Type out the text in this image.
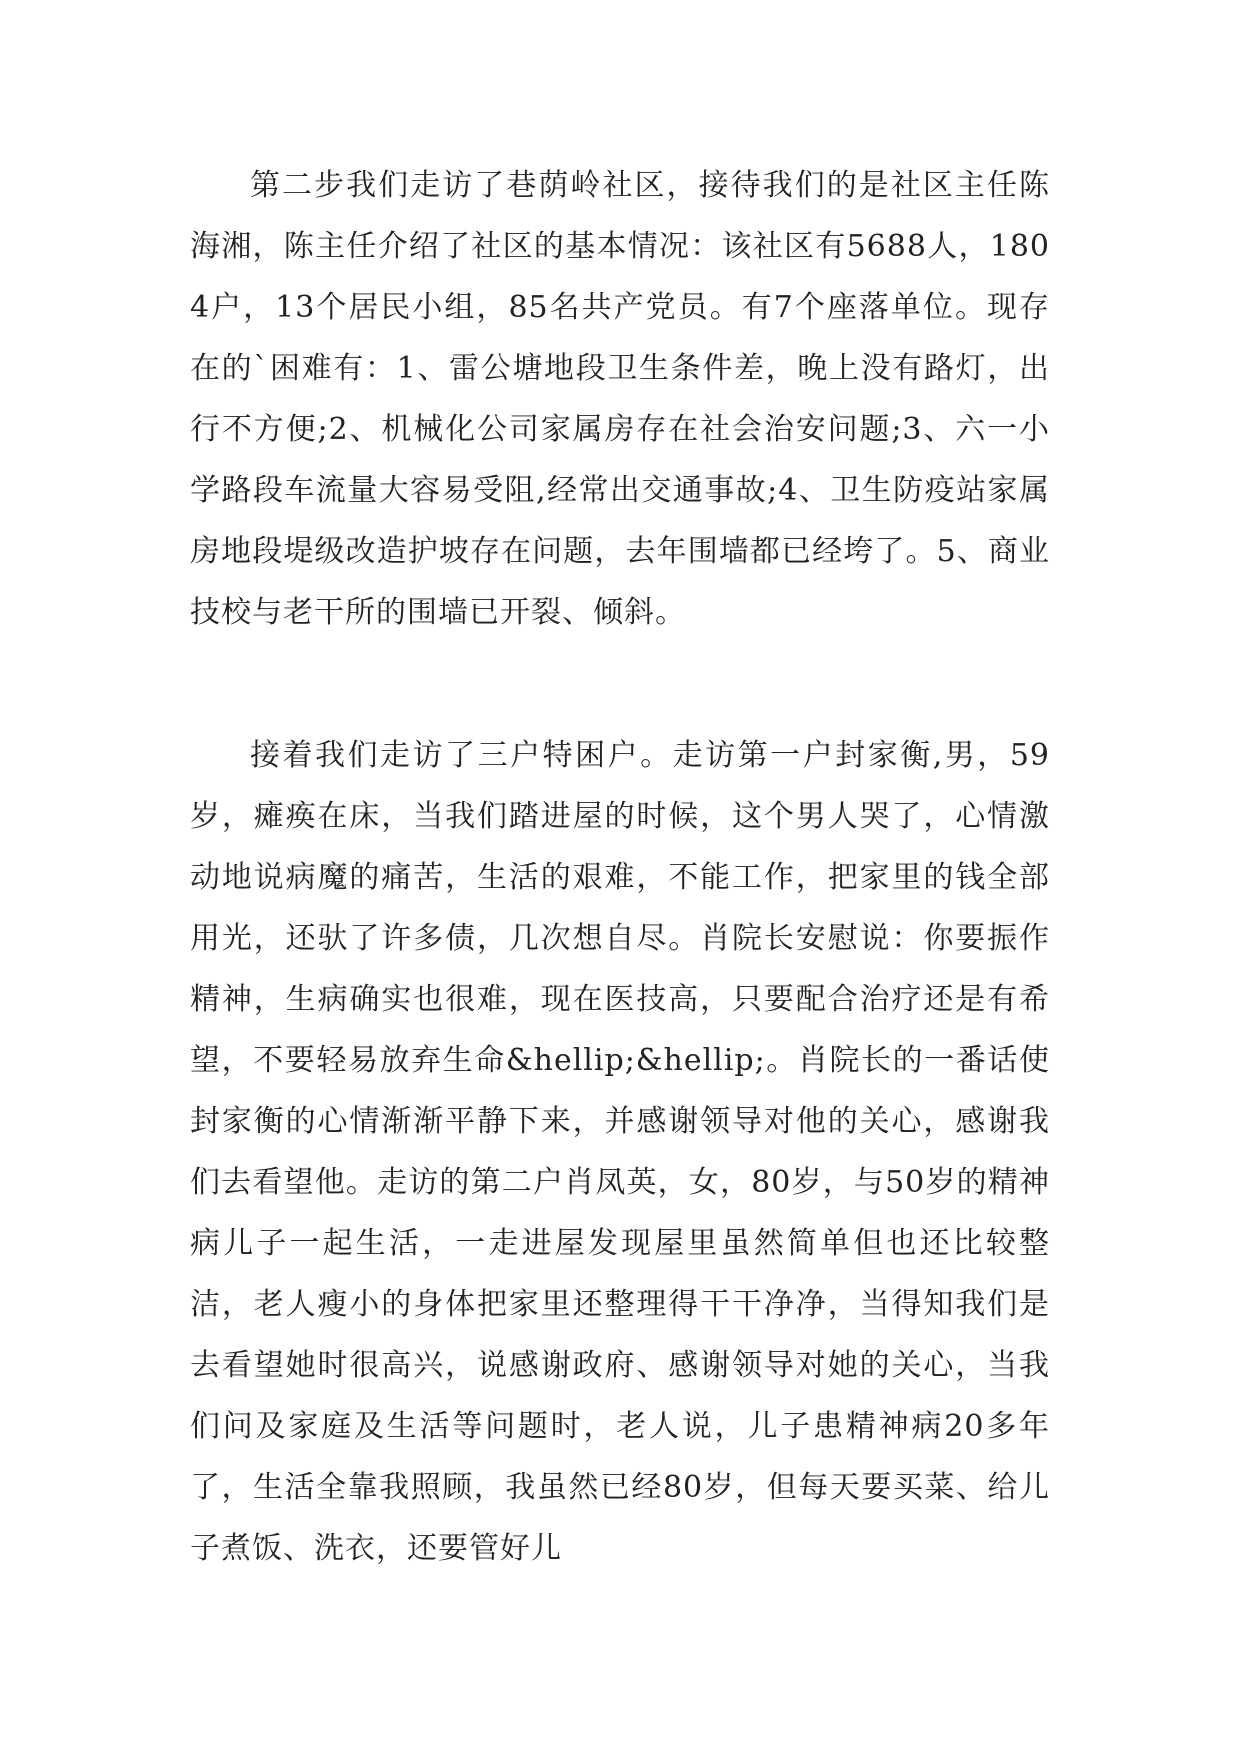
第二步我们走访了巷荫岭社区，接待我们的是社区主任陈海湘，陈主任介绍了社区的基本情况：该社区有5688人，1804户，13个居民小组，85名共产党员。有7个座落单位。现存在的`困难有：1、雷公塘地段卫生条件差，晚上没有路灯，出行不方便;2、机械化公司家属房存在社会治安问题;3、六一小学路段车流量大容易受阻,经常出交通事故;4、卫生防疫站家属房地段堤级改造护坡存在问题，去年围墙都已经垮了。5、商业技校与老干所的围墙已开裂、倾斜。

接着我们走访了三户特困户。走访第一户封家衡,男，59岁，瘫痪在床，当我们踏进屋的时候，这个男人哭了，心情激动地说病魔的痛苦，生活的艰难，不能工作，把家里的钱全部用光，还驮了许多债，几次想自尽。肖院长安慰说：你要振作精神，生病确实也很难，现在医技高，只要配合治疗还是有希望，不要轻易放弃生命&hellip;&hellip;。肖院长的一番话使封家衡的心情渐渐平静下来，并感谢领导对他的关心，感谢我们去看望他。走访的第二户肖凤英，女，80岁，与50岁的精神病儿子一起生活，一走进屋发现屋里虽然简单但也还比较整洁，老人瘦小的身体把家里还整理得干干净净，当得知我们是去看望她时很高兴，说感谢政府、感谢领导对她的关心，当我们问及家庭及生活等问题时，老人说，儿子患精神病20多年了，生活全靠我照顾，我虽然已经80岁，但每天要买菜、给儿子煮饭、洗衣，还要管好儿
